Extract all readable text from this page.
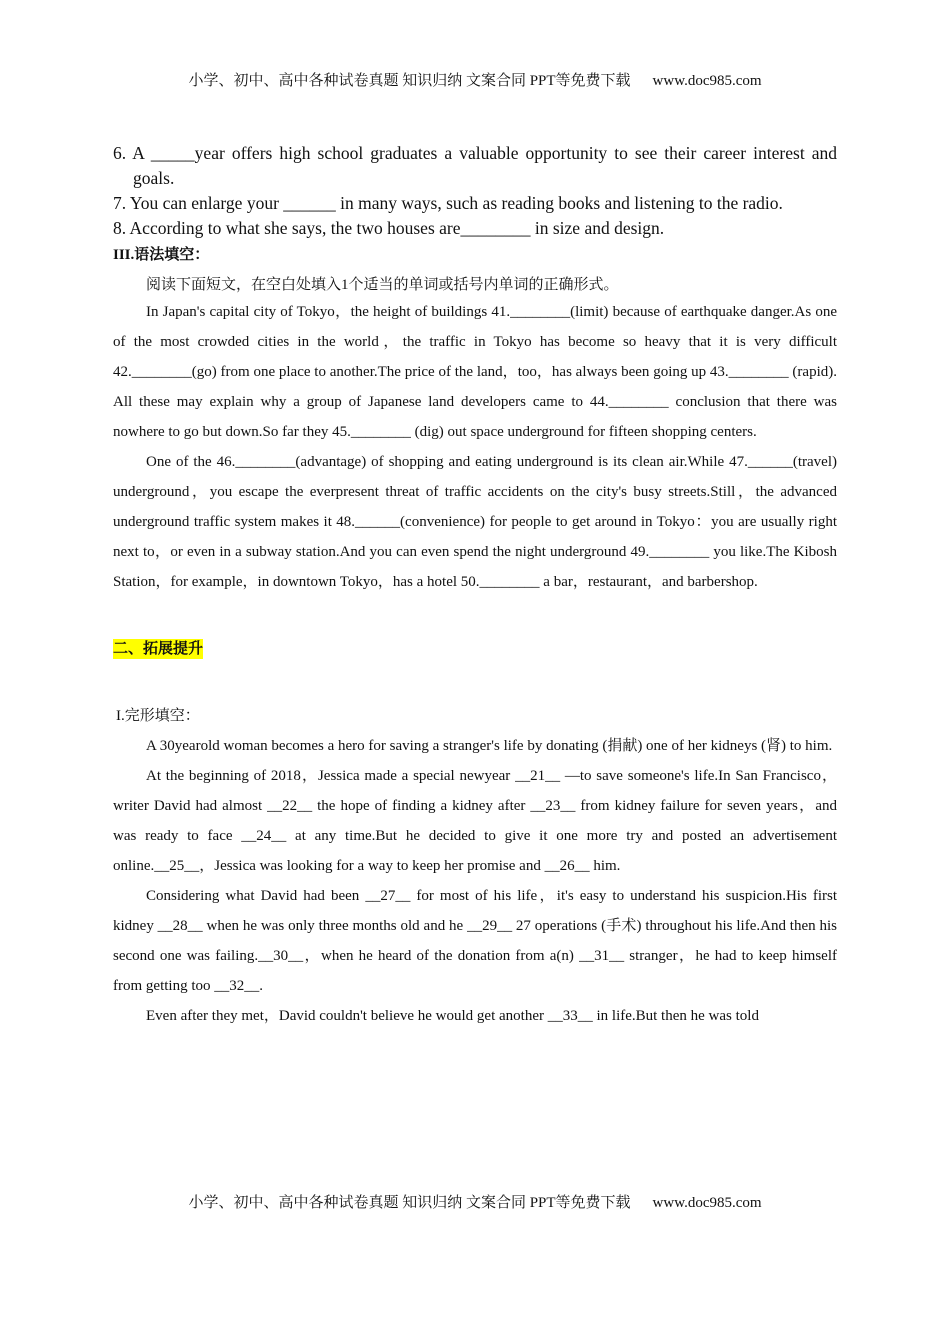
小学、初中、高中各种试卷真题 知识归纳 文案合同 PPT等免费下载 www.doc985.com
6. A _____year offers high school graduates a valuable opportunity to see their career interest and goals.
7. You can enlarge your ______ in many ways, such as reading books and listening to the radio.
8. According to what she says, the two houses are________ in size and design.
III.语法填空：
阅读下面短文，在空白处填入1个适当的单词或括号内单词的正确形式。
In Japan's capital city of Tokyo，the height of buildings 41.________(limit) because of earthquake danger.As one of the most crowded cities in the world，the traffic in Tokyo has become so heavy that it is very difficult 42.________(go) from one place to another.The price of the land，too，has always been going up 43.________ (rapid). All these may explain why a group of Japanese land developers came to 44.________ conclusion that there was nowhere to go but down.So far they 45.________ (dig) out space underground for fifteen shopping centers.
One of the 46.________(advantage) of shopping and eating underground is its clean air.While 47.______(travel) underground，you escape the everpresent threat of traffic accidents on the city's busy streets.Still，the advanced underground traffic system makes it 48.______(convenience) for people to get around in Tokyo：you are usually right next to，or even in a subway station.And you can even spend the night underground 49.________ you like.The Kibosh Station，for example，in downtown Tokyo，has a hotel 50.________ a bar，restaurant，and barbershop.
二、拓展提升
I.完形填空：
A 30yearold woman becomes a hero for saving a stranger's life by donating (捐献) one of her kidneys (肾) to him.
At the beginning of 2018，Jessica made a special newyear __21__ —to save someone's life.In San Francisco，writer David had almost __22__ the hope of finding a kidney after __23__ from kidney failure for seven years，and was ready to face __24__ at any time.But he decided to give it one more try and posted an advertisement online.__25__，Jessica was looking for a way to keep her promise and __26__ him.
Considering what David had been __27__ for most of his life，it's easy to understand his suspicion.His first kidney __28__ when he was only three months old and he __29__ 27 operations (手术) throughout his life.And then his second one was failing.__30__，when he heard of the donation from a(n) __31__ stranger，he had to keep himself from getting too __32__.
Even after they met，David couldn't believe he would get another __33__ in life.But then he was told
小学、初中、高中各种试卷真题 知识归纳 文案合同 PPT等免费下载 www.doc985.com
